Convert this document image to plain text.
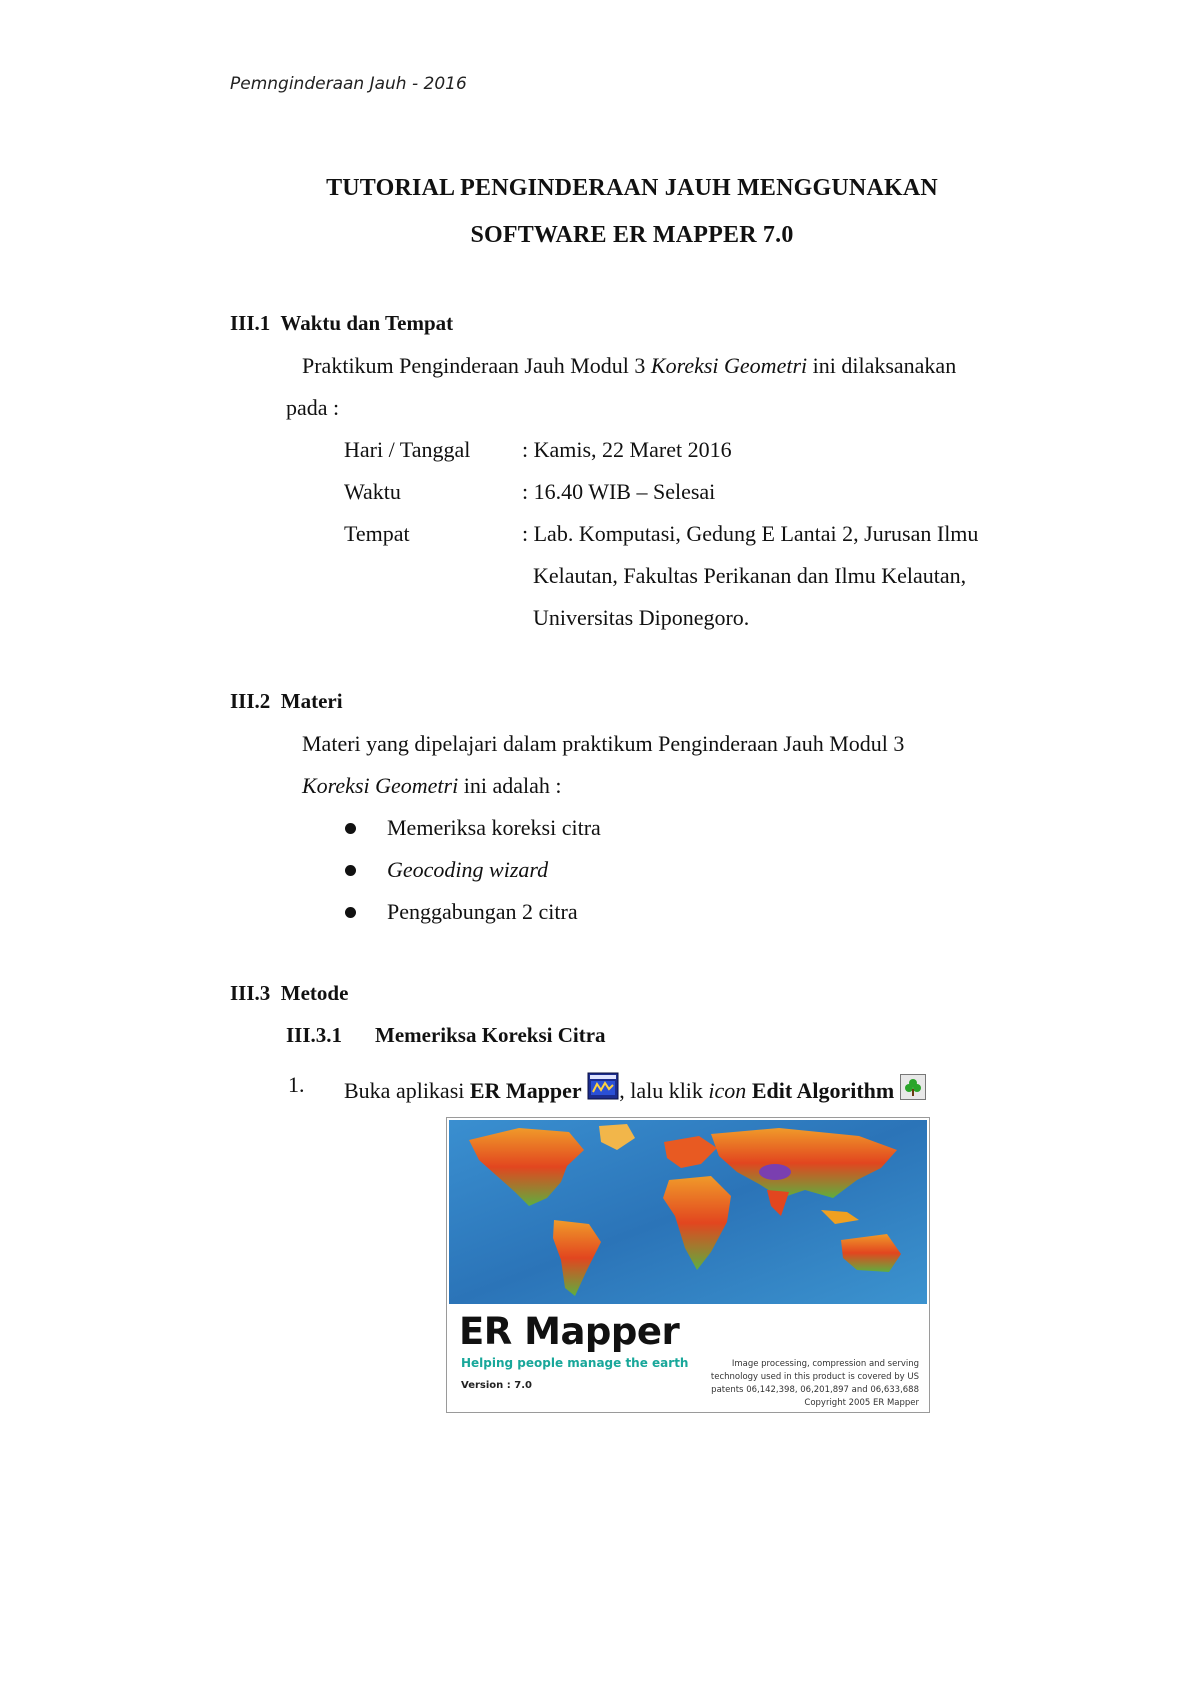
Pemnginderaan Jauh - 2016
TUTORIAL PENGINDERAAN JAUH MENGGUNAKAN
SOFTWARE ER MAPPER 7.0
III.1  Waktu dan Tempat
Praktikum Penginderaan Jauh Modul 3 Koreksi Geometri ini dilaksanakan
pada :
Hari / Tanggal : Kamis, 22 Maret 2016
Waktu	: 16.40 WIB – Selesai
Tempat	: Lab. Komputasi, Gedung E Lantai 2, Jurusan Ilmu
Kelautan, Fakultas Perikanan dan Ilmu Kelautan,
Universitas Diponegoro.
III.2  Materi
Materi yang dipelajari dalam praktikum Penginderaan Jauh Modul 3
Koreksi Geometri ini adalah :
Memeriksa koreksi citra
Geocoding wizard
Penggabungan 2 citra
III.3  Metode
III.3.1 Memeriksa Koreksi Citra
1. Buka aplikasi ER Mapper , lalu klik icon Edit Algorithm
ER Mapper
Helping people manage the earth
Version : 7.0
Image processing, compression and serving
technology used in this product is covered by US
patents 06,142,398, 06,201,897 and 06,633,688
Copyright 2005 ER Mapper
